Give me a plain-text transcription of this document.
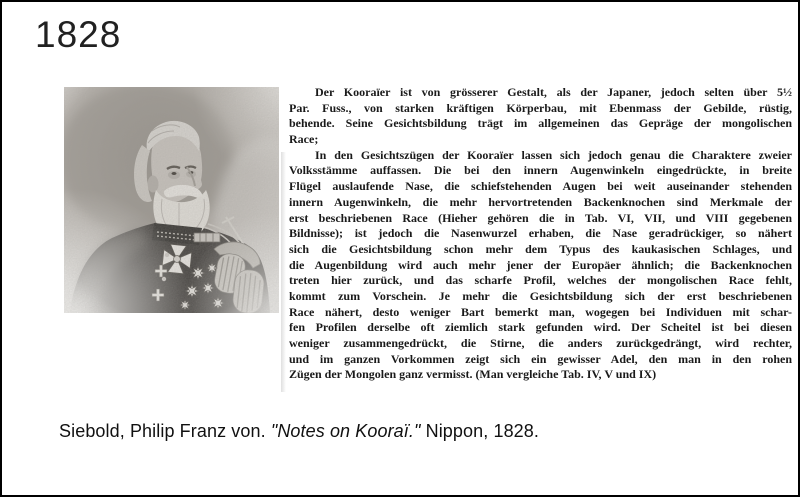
1828
Der Kooraïer ist von grösserer Gestalt, als der Japaner, jedoch selten über 5½
Par. Fuss., von starken kräftigen Körperbau, mit Ebenmass der Gebilde, rüstig,
behende. Seine Gesichtsbildung trägt im allgemeinen das Gepräge der mongolischen
Race;
In den Gesichtszügen der Kooraïer lassen sich jedoch genau die Charaktere zweier
Volksstämme auffassen. Die bei den innern Augenwinkeln eingedrückte, in breite
Flügel auslaufende Nase, die schiefstehenden Augen bei weit auseinander stehenden
innern Augenwinkeln, die mehr hervortretenden Backenknochen sind Merkmale der
erst beschriebenen Race (Hieher gehören die in Tab. VI, VII, und VIII gegebenen
Bildnisse); ist jedoch die Nasenwurzel erhaben, die Nase geradrückiger, so nähert
sich die Gesichtsbildung schon mehr dem Typus des kaukasischen Schlages, und
die Augenbildung wird auch mehr jener der Europäer ähnlich; die Backenknochen
treten hier zurück, und das scharfe Profil, welches der mongolischen Race fehlt,
kommt zum Vorschein. Je mehr die Gesichtsbildung sich der erst beschriebenen
Race nähert, desto weniger Bart bemerkt man, wogegen bei Individuen mit schar-
fen Profilen derselbe oft ziemlich stark gefunden wird. Der Scheitel ist bei diesen
weniger zusammengedrückt, die Stirne, die anders zurückgedrängt, wird rechter,
und im ganzen Vorkommen zeigt sich ein gewisser Adel, den man in den rohen
Zügen der Mongolen ganz vermisst. (Man vergleiche Tab. IV, V und IX)
Siebold, Philip Franz von. "Notes on Kooraï." Nippon, 1828.
